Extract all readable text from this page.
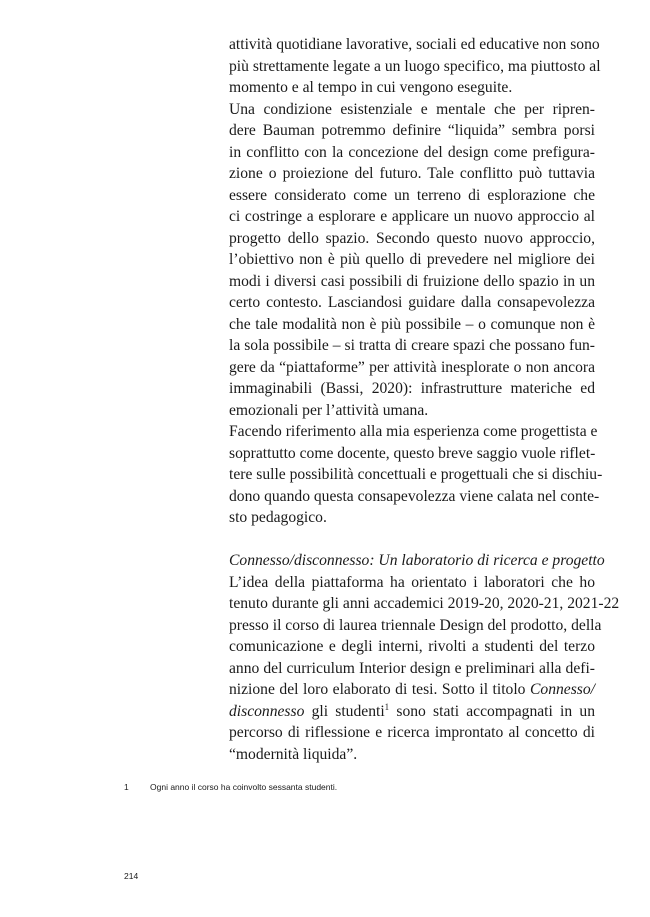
attività quotidiane lavorative, sociali ed educative non sono
più strettamente legate a un luogo specifico, ma piuttosto al
momento e al tempo in cui vengono eseguite.
Una condizione esistenziale e mentale che per ripren-
dere Bauman potremmo definire “liquida” sembra porsi
in conflitto con la concezione del design come prefigura-
zione o proiezione del futuro. Tale conflitto può tuttavia
essere considerato come un terreno di esplorazione che
ci costringe a esplorare e applicare un nuovo approccio al
progetto dello spazio. Secondo questo nuovo approccio,
l’obiettivo non è più quello di prevedere nel migliore dei
modi i diversi casi possibili di fruizione dello spazio in un
certo contesto. Lasciandosi guidare dalla consapevolezza
che tale modalità non è più possibile – o comunque non è
la sola possibile – si tratta di creare spazi che possano fun-
gere da “piattaforme” per attività inesplorate o non ancora
immaginabili (Bassi, 2020): infrastrutture materiche ed
emozionali per l’attività umana.
Facendo riferimento alla mia esperienza come progettista e
soprattutto come docente, questo breve saggio vuole riflet-
tere sulle possibilità concettuali e progettuali che si dischiu-
dono quando questa consapevolezza viene calata nel conte-
sto pedagogico.
Connesso/disconnesso: Un laboratorio di ricerca e progetto
L’idea della piattaforma ha orientato i laboratori che ho
tenuto durante gli anni accademici 2019-20, 2020-21, 2021-22
presso il corso di laurea triennale Design del prodotto, della
comunicazione e degli interni, rivolti a studenti del terzo
anno del curriculum Interior design e preliminari alla defi-
nizione del loro elaborato di tesi. Sotto il titolo Connesso/
disconnesso gli studenti$^1$ sono stati accompagnati in un
percorso di riflessione e ricerca improntato al concetto di
“modernità liquida”.
1	Ogni anno il corso ha coinvolto sessanta studenti.
214
